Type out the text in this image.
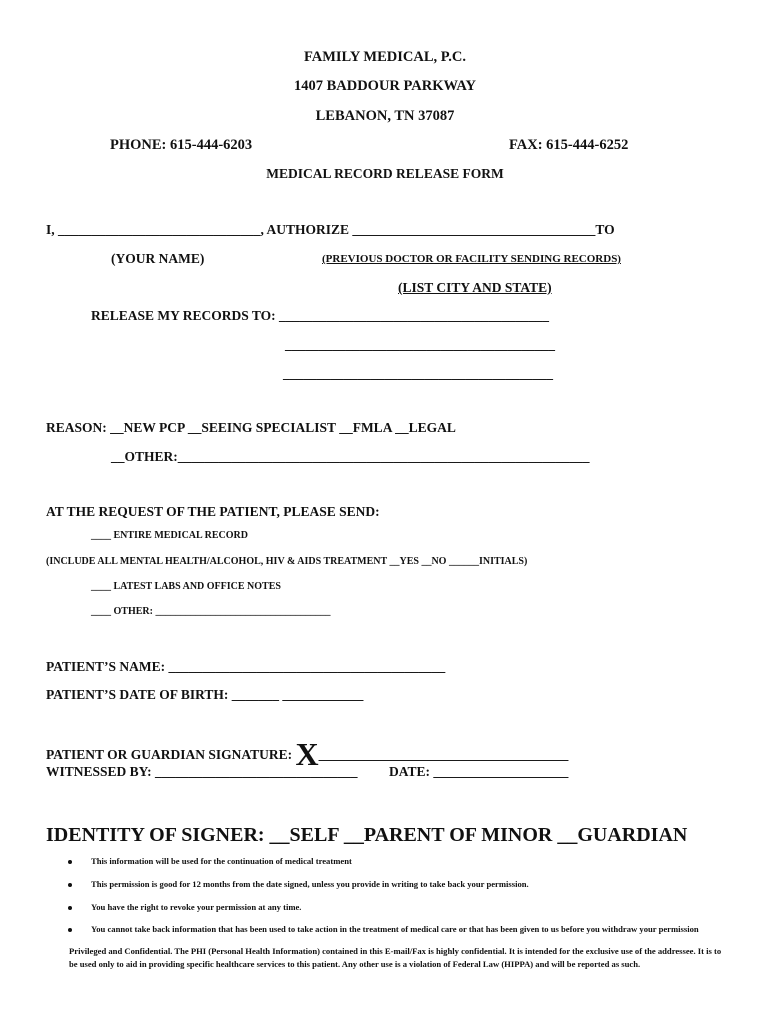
FAMILY MEDICAL, P.C.
1407 BADDOUR PARKWAY
LEBANON, TN 37087
PHONE: 615-444-6203	FAX: 615-444-6252
MEDICAL RECORD RELEASE FORM
I, ______________________________, AUTHORIZE ____________________________________TO
(YOUR NAME)	(PREVIOUS DOCTOR OR FACILITY SENDING RECORDS)
(LIST CITY AND STATE)
RELEASE MY RECORDS TO: ________________________________________
________________________________________
________________________________________
REASON: __NEW PCP __SEEING SPECIALIST __FMLA __LEGAL
__OTHER:_____________________________________________________________
AT THE REQUEST OF THE PATIENT, PLEASE SEND:
____ ENTIRE MEDICAL RECORD
(INCLUDE ALL MENTAL HEALTH/ALCOHOL, HIV & AIDS TREATMENT __YES __NO ______INITIALS)
____ LATEST LABS AND OFFICE NOTES
____ OTHER: ___________________________________
PATIENT’S NAME: _________________________________________
PATIENT’S DATE OF BIRTH: _______ ____________
PATIENT OR GUARDIAN SIGNATURE: X_____________________________________
WITNESSED BY: ______________________________ DATE: ____________________
IDENTITY OF SIGNER: __SELF __PARENT OF MINOR __GUARDIAN
This information will be used for the continuation of medical treatment
This permission is good for 12 months from the date signed, unless you provide in writing to take back your permission.
You have the right to revoke your permission at any time.
You cannot take back information that has been used to take action in the treatment of medical care or that has been given to us before you withdraw your permission
Privileged and Confidential. The PHI (Personal Health Information) contained in this E-mail/Fax is highly confidential. It is intended for the exclusive use of the addressee. It is to be used only to aid in providing specific healthcare services to this patient. Any other use is a violation of Federal Law (HIPPA) and will be reported as such.
